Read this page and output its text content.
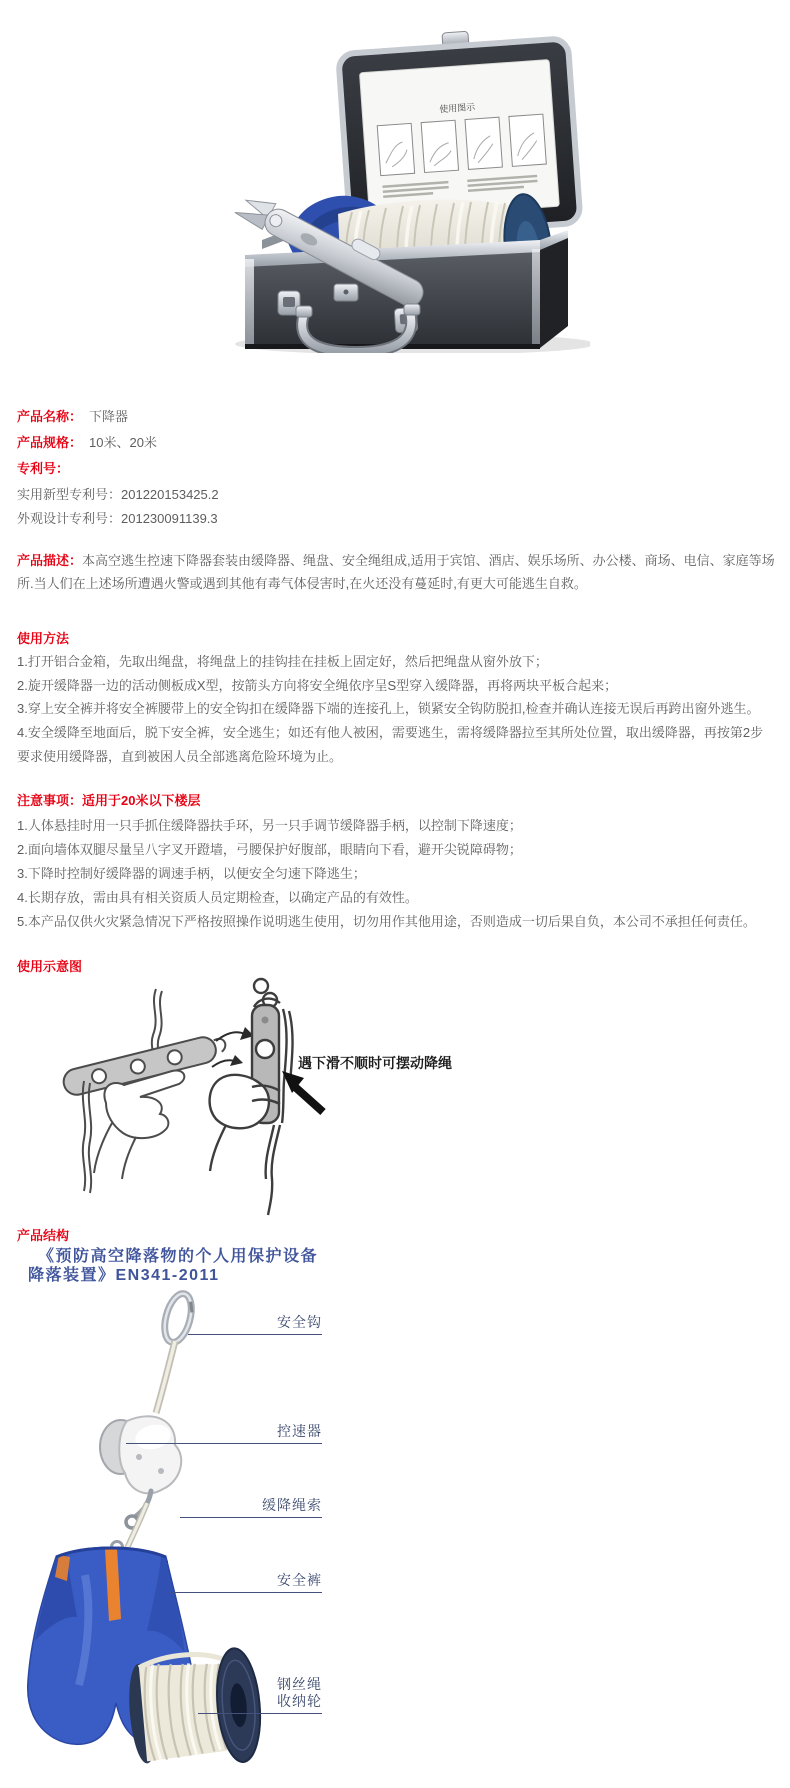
使用图示

产品名称： 下降器

产品规格： 10米、20米

专利号：

实用新型专利号：201220153425.2

外观设计专利号：201230091139.3

产品描述：本高空逃生控速下降器套装由缓降器、绳盘、安全绳组成,适用于宾馆、酒店、娱乐场所、办公楼、商场、电信、家庭等场所.当人们在上述场所遭遇火警或遇到其他有毒气体侵害时,在火还没有蔓延时,有更大可能逃生自救。

使用方法

1.打开铝合金箱，先取出绳盘，将绳盘上的挂钩挂在挂板上固定好，然后把绳盘从窗外放下；

2.旋开缓降器一边的活动侧板成X型，按箭头方向将安全绳依序呈S型穿入缓降器，再将两块平板合起来；

3.穿上安全裤并将安全裤腰带上的安全钩扣在缓降器下端的连接孔上，锁紧安全钩防脱扣,检查并确认连接无误后再跨出窗外逃生。

4.安全缓降至地面后，脱下安全裤，安全逃生；如还有他人被困，需要逃生，需将缓降器拉至其所处位置，取出缓降器，再按第2步要求使用缓降器，直到被困人员全部逃离危险环境为止。

注意事项：适用于20米以下楼层

1.人体悬挂时用一只手抓住缓降器扶手环，另一只手调节缓降器手柄，以控制下降速度；

2.面向墙体双腿尽量呈八字叉开蹬墙，弓腰保护好腹部，眼睛向下看，避开尖锐障碍物；

3.下降时控制好缓降器的调速手柄，以便安全匀速下降逃生；

4.长期存放，需由具有相关资质人员定期检查，以确定产品的有效性。

5.本产品仅供火灾紧急情况下严格按照操作说明逃生使用，切勿用作其他用途，否则造成一切后果自负，本公司不承担任何责任。

使用示意图

遇下滑不顺时可摆动降绳

产品结构

《预防高空降落物的个人用保护设备

降落装置》EN341-2011

安全钩
控速器
缓降绳索
安全裤
钢丝绳
收纳轮
